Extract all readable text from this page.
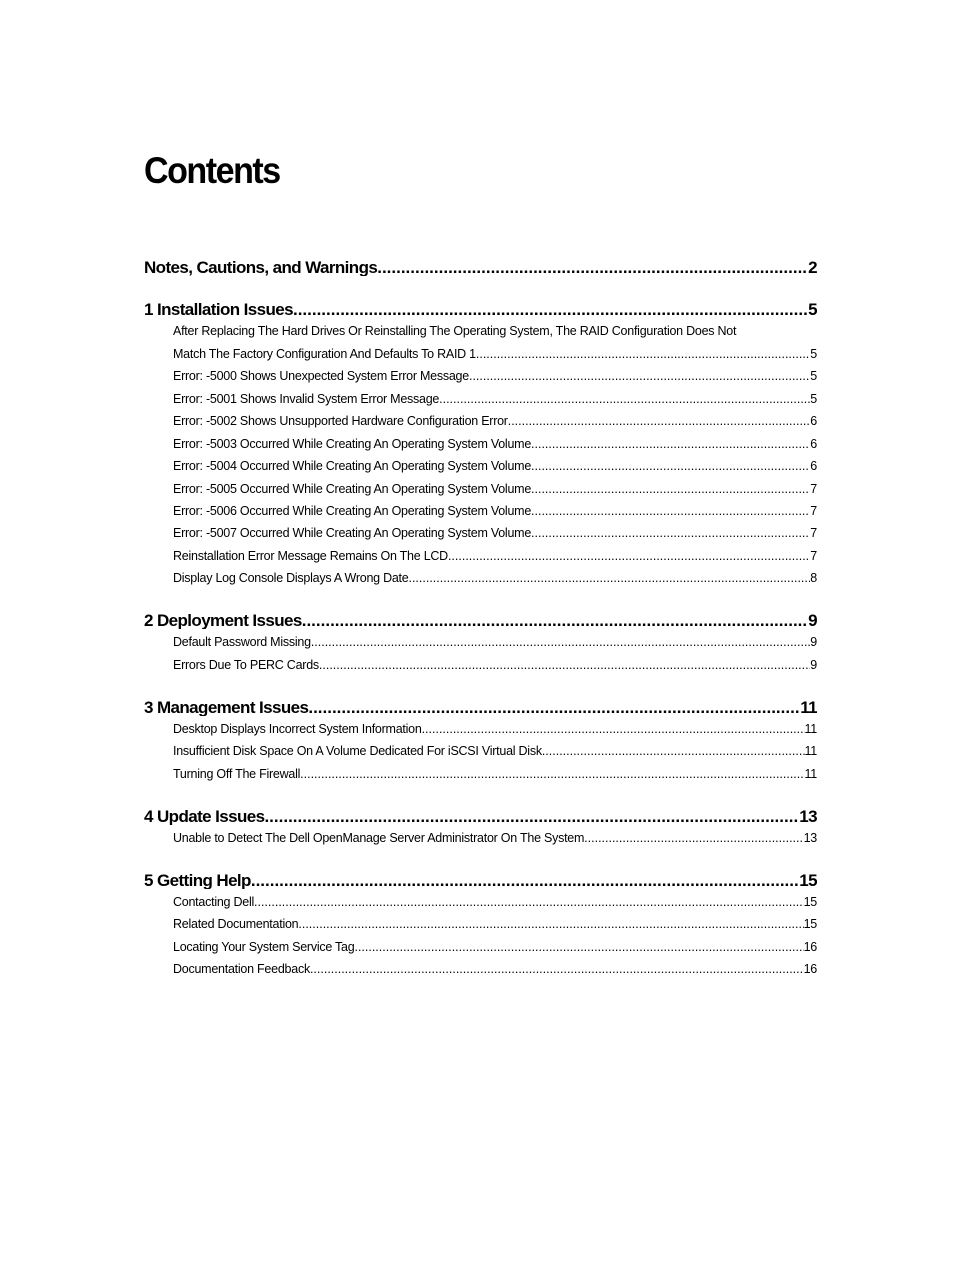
Contents
Notes, Cautions, and Warnings .....	2
1 Installation Issues .....	5
After Replacing The Hard Drives Or Reinstalling The Operating System, The RAID Configuration Does Not
Match The Factory Configuration And Defaults To RAID 1 .....	5
Error: -5000 Shows Unexpected System Error Message .....	5
Error: -5001 Shows Invalid System Error Message .....	5
Error: -5002 Shows Unsupported Hardware Configuration Error .....	6
Error: -5003 Occurred While Creating An Operating System Volume .....	6
Error: -5004 Occurred While Creating An Operating System Volume .....	6
Error: -5005 Occurred While Creating An Operating System Volume .....	7
Error: -5006 Occurred While Creating An Operating System Volume .....	7
Error: -5007 Occurred While Creating An Operating System Volume .....	7
Reinstallation Error Message Remains On The LCD .....	7
Display Log Console Displays A Wrong Date .....	8
2 Deployment Issues .....	9
Default Password Missing .....	9
Errors Due To PERC Cards .....	9
3 Management Issues .....	11
Desktop Displays Incorrect System Information .....	11
Insufficient Disk Space On A Volume Dedicated For iSCSI Virtual Disk .....	11
Turning Off The Firewall .....	11
4 Update Issues .....	13
Unable to Detect The Dell OpenManage Server Administrator On The System .....	13
5 Getting Help .....	15
Contacting Dell .....	15
Related Documentation .....	15
Locating Your System Service Tag .....	16
Documentation Feedback .....	16
